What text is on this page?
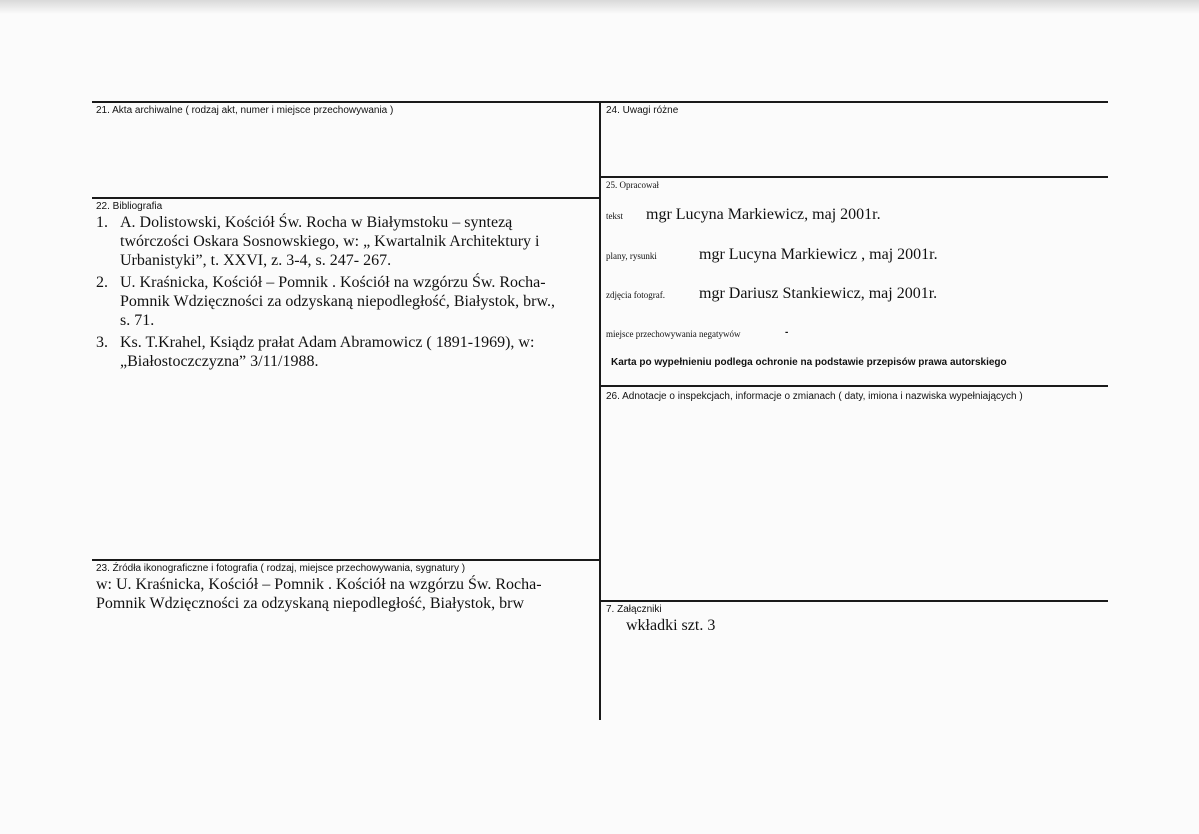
21. Akta archiwalne ( rodzaj akt, numer i miejsce przechowywania )
22. Bibliografia
1. A. Dolistowski, Kościół Św. Rocha w Białymstoku – syntezą
twórczości Oskara Sosnowskiego, w: „ Kwartalnik Architektury i
Urbanistyki”, t. XXVI, z. 3-4, s. 247- 267.
2. U. Kraśnicka, Kościół – Pomnik . Kościół na wzgórzu Św. Rocha-
Pomnik Wdzięczności za odzyskaną niepodległość, Białystok, brw.,
s. 71.
3. Ks. T.Krahel, Ksiądz prałat Adam Abramowicz ( 1891-1969), w:
„Białostoczczyzna” 3/11/1988.
23. Źródła ikonograficzne i fotografia ( rodzaj, miejsce przechowywania, sygnatury )
w: U. Kraśnicka, Kościół – Pomnik . Kościół na wzgórzu Św. Rocha-
Pomnik Wdzięczności za odzyskaną niepodległość, Białystok, brw
24. Uwagi różne
25. Opracował
tekst mgr Lucyna Markiewicz, maj 2001r.
plany, rysunki	mgr Lucyna Markiewicz , maj 2001r.
zdjęcia fotograf. mgr Dariusz Stankiewicz, maj 2001r.
miejsce przechowywania negatywów	-
Karta po wypełnieniu podlega ochronie na podstawie przepisów prawa autorskiego
26. Adnotacje o inspekcjach, informacje o zmianach ( daty, imiona i nazwiska wypełniających )
7. Załączniki
wkładki szt. 3
